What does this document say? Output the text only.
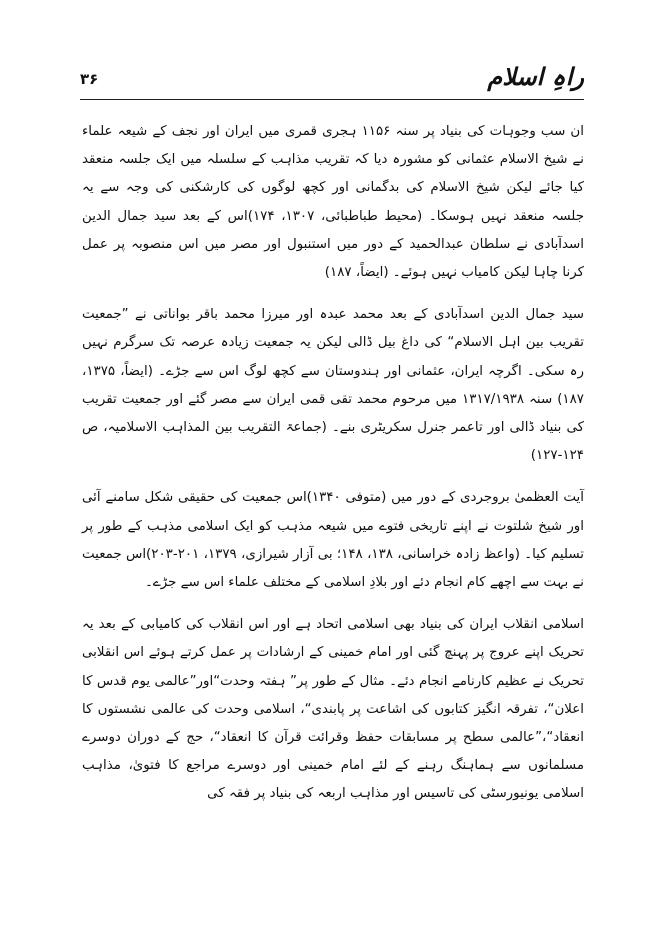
۳۶	راہِ اسلام

ان سب وجوہات کی بنیاد پر سنہ ۱۱۵۶ ہجری قمری میں ایران اور نجف کے شیعہ علماء نے شیخ الاسلام عثمانی کو مشورہ دیا کہ تقریب مذاہب کے سلسلہ میں ایک جلسہ منعقد کیا جائے لیکن شیخ الاسلام کی بدگمانی اور کچھ لوگوں کی کارشکنی کی وجہ سے یہ جلسہ منعقد نہیں ہوسکا۔ (محیط طباطبائی، ۱۳۰۷، ۱۷۴)اس کے بعد سید جمال الدین اسدآبادی نے سلطان عبدالحمید کے دور میں استنبول اور مصر میں اس منصوبہ پر عمل کرنا چاہا لیکن کامیاب نہیں ہوئے۔ (ایضاً، ۱۸۷)

سید جمال الدین اسدآبادی کے بعد محمد عبدہ اور میرزا محمد باقر بواناتی نے ”جمعیت تقریب بین اہل الاسلام“ کی داغ بیل ڈالی لیکن یہ جمعیت زیادہ عرصہ تک سرگرم نہیں رہ سکی۔ اگرچہ ایران، عثمانی اور ہندوستان سے کچھ لوگ اس سے جڑے۔ (ایضاً، ۱۳۷۵، ۱۸۷) سنہ ۱۳۱۷/۱۹۳۸ میں مرحوم محمد تقی قمی ایران سے مصر گئے اور جمعیت تقریب کی بنیاد ڈالی اور تاعمر جنرل سکریٹری بنے۔ (جماعۃ التقریب بین المذاہب الاسلامیہ، ص ۱۲۴-۱۲۷)

آیت العظمیٰ بروجردی کے دور میں (متوفی ۱۳۴۰)اس جمعیت کی حقیقی شکل سامنے آئی اور شیخ شلتوت نے اپنے تاریخی فتوے میں شیعہ مذہب کو ایک اسلامی مذہب کے طور پر تسلیم کیا۔ (واعظ زادہ خراسانی، ۱۳۸، ۱۴۸؛ بی آزار شیرازی، ۱۳۷۹، ۲۰۱-۲۰۳)اس جمعیت نے بہت سے اچھے کام انجام دئے اور بلادِ اسلامی کے مختلف علماء اس سے جڑے۔

اسلامی انقلاب ایران کی بنیاد بھی اسلامی اتحاد ہے اور اس انقلاب کی کامیابی کے بعد یہ تحریک اپنے عروج پر پہنچ گئی اور امام خمینی کے ارشادات پر عمل کرتے ہوئے اس انقلابی تحریک نے عظیم کارنامے انجام دئے۔ مثال کے طور پر” ہفتہ وحدت“اور”عالمی یوم قدس کا اعلان“، تفرقہ انگیز کتابوں کی اشاعت پر پابندی“، اسلامی وحدت کی عالمی نشستوں کا انعقاد“،”عالمی سطح پر مسابقات حفظ وقرائت قرآن کا انعقاد“، حج کے دوران دوسرے مسلمانوں سے ہماہنگ رہنے کے لئے امام خمینی اور دوسرے مراجع کا فتویٰ، مذاہب اسلامی یونیورسٹی کی تاسیس اور مذاہب اربعہ کی بنیاد پر فقہ کی
